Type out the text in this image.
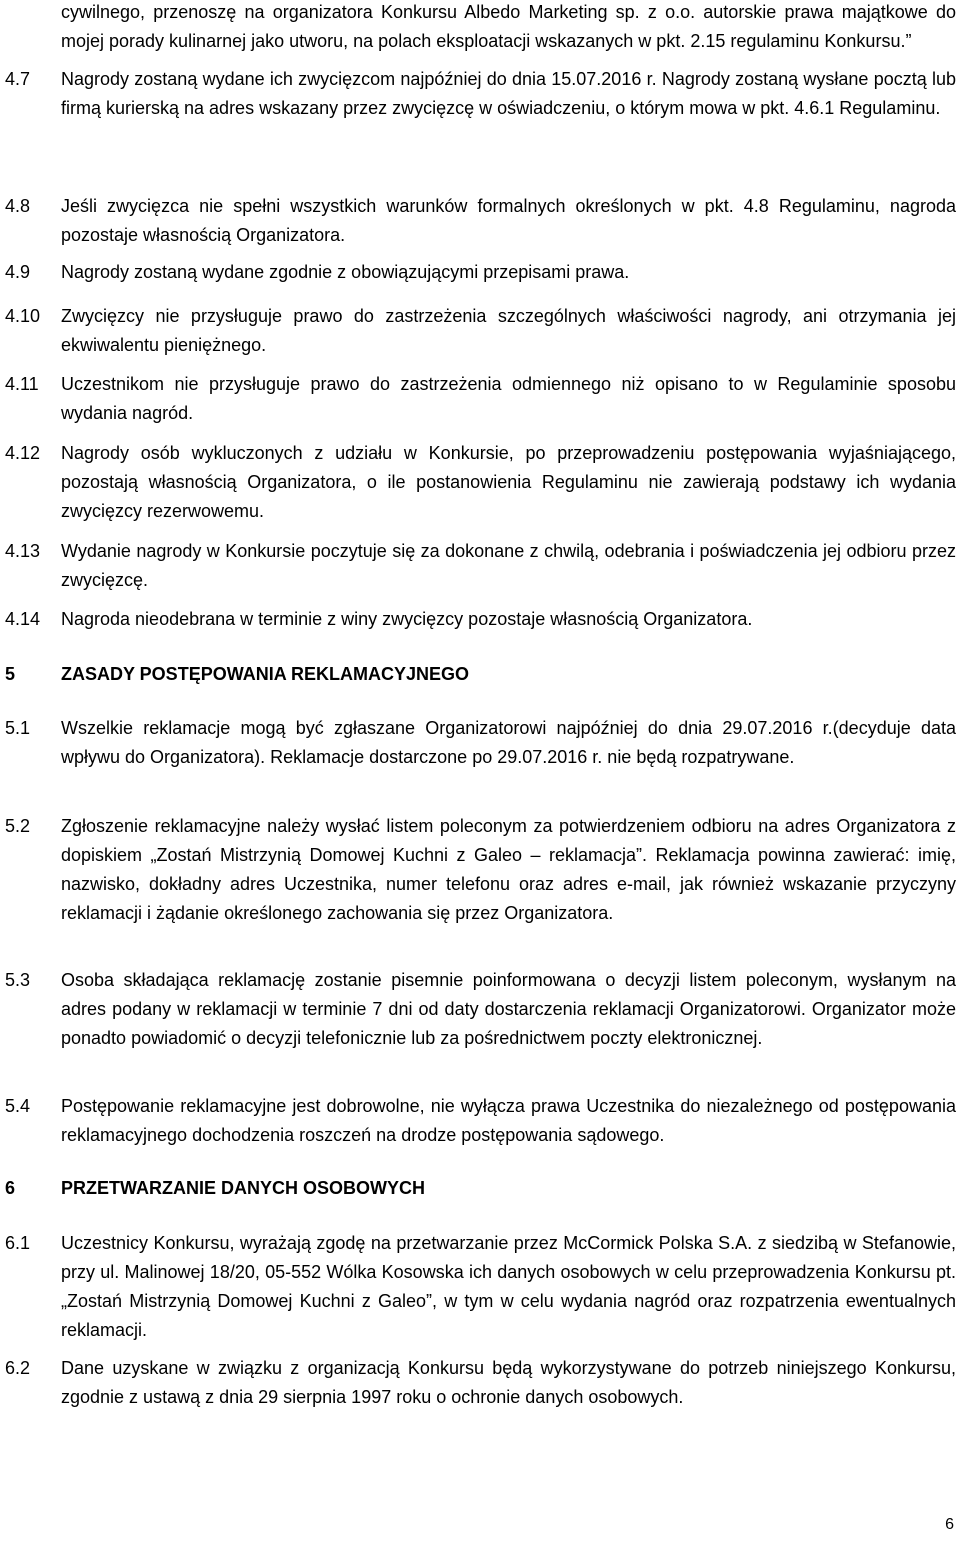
cywilnego, przenoszę na organizatora Konkursu Albedo Marketing sp. z o.o. autorskie prawa majątkowe do mojej porady kulinarnej jako utworu, na polach eksploatacji wskazanych w pkt. 2.15 regulaminu Konkursu.”

4.7	Nagrody zostaną wydane ich zwycięzcom najpóźniej do dnia 15.07.2016 r. Nagrody zostaną wysłane pocztą lub firmą kurierską na adres wskazany przez zwycięzcę w oświadczeniu, o którym mowa w pkt. 4.6.1 Regulaminu.
4.8	Jeśli zwycięzca nie spełni wszystkich warunków formalnych określonych w pkt. 4.8 Regulaminu, nagroda pozostaje własnością Organizatora.
4.9	Nagrody zostaną wydane zgodnie z obowiązującymi przepisami prawa.
4.10	Zwycięzcy nie przysługuje prawo do zastrzeżenia szczególnych właściwości nagrody, ani otrzymania jej ekwiwalentu pieniężnego.
4.11	Uczestnikom nie przysługuje prawo do zastrzeżenia odmiennego niż opisano to w Regulaminie sposobu wydania nagród.
4.12	Nagrody osób wykluczonych z udziału w Konkursie, po przeprowadzeniu postępowania wyjaśniającego, pozostają własnością Organizatora, o ile postanowienia Regulaminu nie zawierają podstawy ich wydania zwycięzcy rezerwowemu.
4.13	Wydanie nagrody w Konkursie poczytuje się za dokonane z chwilą, odebrania i poświadczenia jej odbioru przez zwycięzcę.
4.14	Nagroda nieodebrana w terminie z winy zwycięzcy pozostaje własnością Organizatora.
5	ZASADY POSTĘPOWANIA REKLAMACYJNEGO
5.1	Wszelkie reklamacje mogą być zgłaszane Organizatorowi najpóźniej do dnia 29.07.2016 r.(decyduje data wpływu do Organizatora). Reklamacje dostarczone po 29.07.2016 r. nie będą rozpatrywane.
5.2	Zgłoszenie reklamacyjne należy wysłać listem poleconym za potwierdzeniem odbioru na adres Organizatora z dopiskiem „Zostań Mistrzynią Domowej Kuchni z Galeo – reklamacja”. Reklamacja powinna zawierać: imię, nazwisko, dokładny adres Uczestnika, numer telefonu oraz adres e-mail, jak również wskazanie przyczyny reklamacji i żądanie określonego zachowania się przez Organizatora.
5.3	Osoba składająca reklamację zostanie pisemnie poinformowana o decyzji listem poleconym, wysłanym na adres podany w reklamacji w terminie 7 dni od daty dostarczenia reklamacji Organizatorowi. Organizator może ponadto powiadomić o decyzji telefonicznie lub za pośrednictwem poczty elektronicznej.
5.4	Postępowanie reklamacyjne jest dobrowolne, nie wyłącza prawa Uczestnika do niezależnego od postępowania reklamacyjnego dochodzenia roszczeń na drodze postępowania sądowego.
6	PRZETWARZANIE DANYCH OSOBOWYCH
6.1	Uczestnicy Konkursu, wyrażają zgodę na przetwarzanie przez McCormick Polska S.A. z siedzibą w Stefanowie, przy ul. Malinowej 18/20, 05-552 Wólka Kosowska ich danych osobowych w celu przeprowadzenia Konkursu pt. „Zostań Mistrzynią Domowej Kuchni z Galeo”, w tym w celu wydania nagród oraz rozpatrzenia ewentualnych reklamacji.
6.2	Dane uzyskane w związku z organizacją Konkursu będą wykorzystywane do potrzeb niniejszego Konkursu, zgodnie z ustawą z dnia 29 sierpnia 1997 roku o ochronie danych osobowych.
6
